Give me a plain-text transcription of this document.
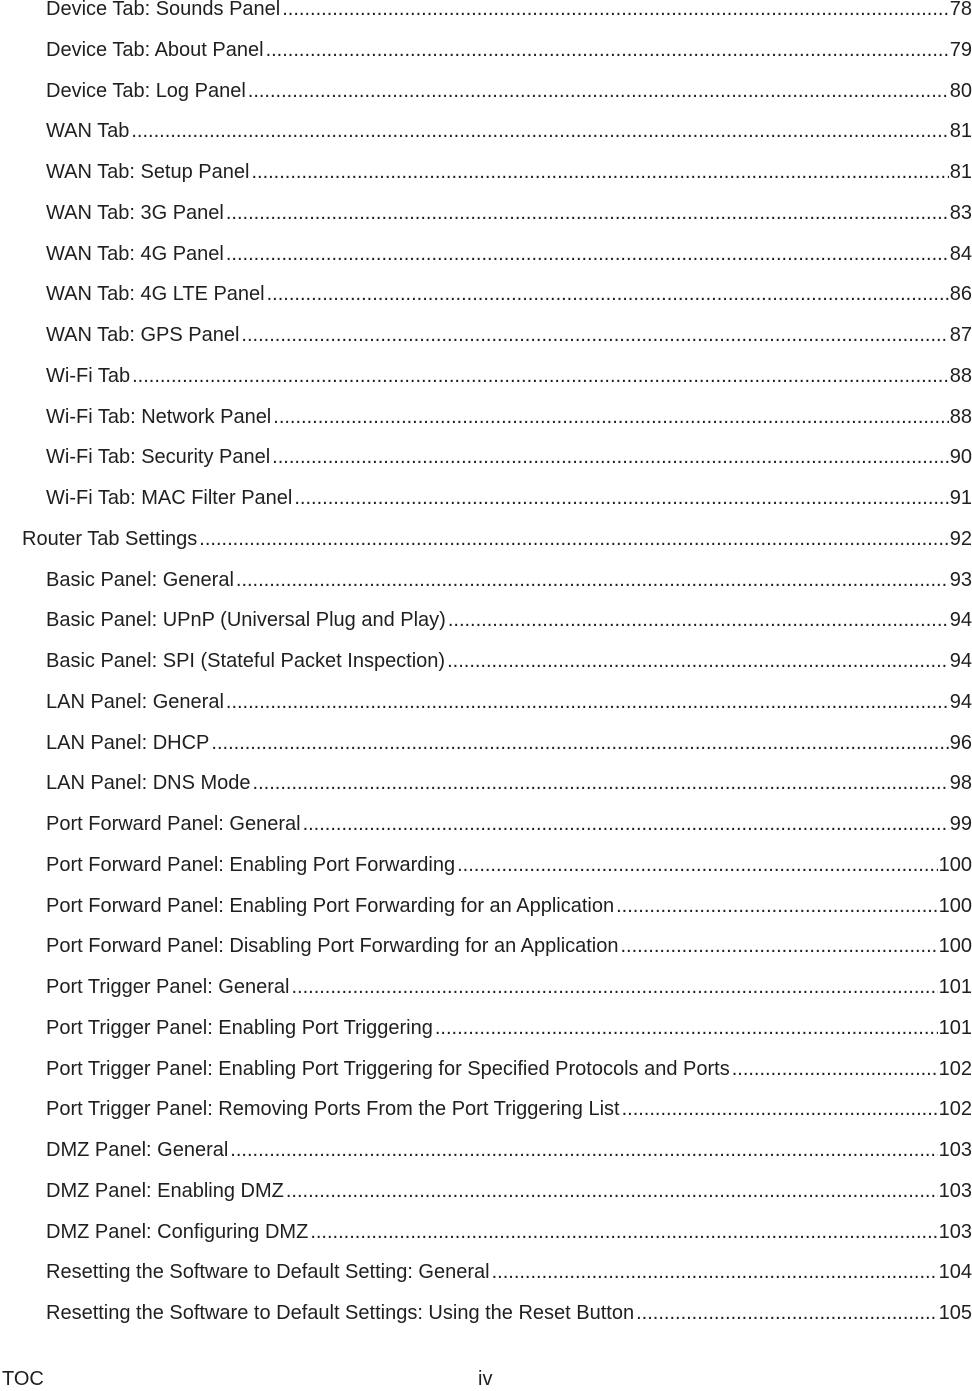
Device Tab: Sounds Panel .....	78
Device Tab: About Panel .....	79
Device Tab: Log Panel .....	80
WAN Tab .....	81
WAN Tab: Setup Panel .....	81
WAN Tab: 3G Panel .....	83
WAN Tab: 4G Panel .....	84
WAN Tab: 4G LTE Panel .....	86
WAN Tab: GPS Panel .....	87
Wi-Fi Tab .....	88
Wi-Fi Tab: Network Panel .....	88
Wi-Fi Tab: Security Panel .....	90
Wi-Fi Tab: MAC Filter Panel .....	91
Router Tab Settings .....	92
Basic Panel: General .....	93
Basic Panel: UPnP (Universal Plug and Play) .....	94
Basic Panel: SPI (Stateful Packet Inspection) .....	94
LAN Panel: General .....	94
LAN Panel: DHCP .....	96
LAN Panel: DNS Mode .....	98
Port Forward Panel: General .....	99
Port Forward Panel: Enabling Port Forwarding .....	100
Port Forward Panel: Enabling Port Forwarding for an Application .....	100
Port Forward Panel: Disabling Port Forwarding for an Application .....	100
Port Trigger Panel: General .....	101
Port Trigger Panel: Enabling Port Triggering .....	101
Port Trigger Panel: Enabling Port Triggering for Specified Protocols and Ports .....	102
Port Trigger Panel: Removing Ports From the Port Triggering List .....	102
DMZ Panel: General .....	103
DMZ Panel: Enabling DMZ .....	103
DMZ Panel: Configuring DMZ .....	103
Resetting the Software to Default Setting: General .....	104
Resetting the Software to Default Settings: Using the Reset Button .....	105
TOC	iv
